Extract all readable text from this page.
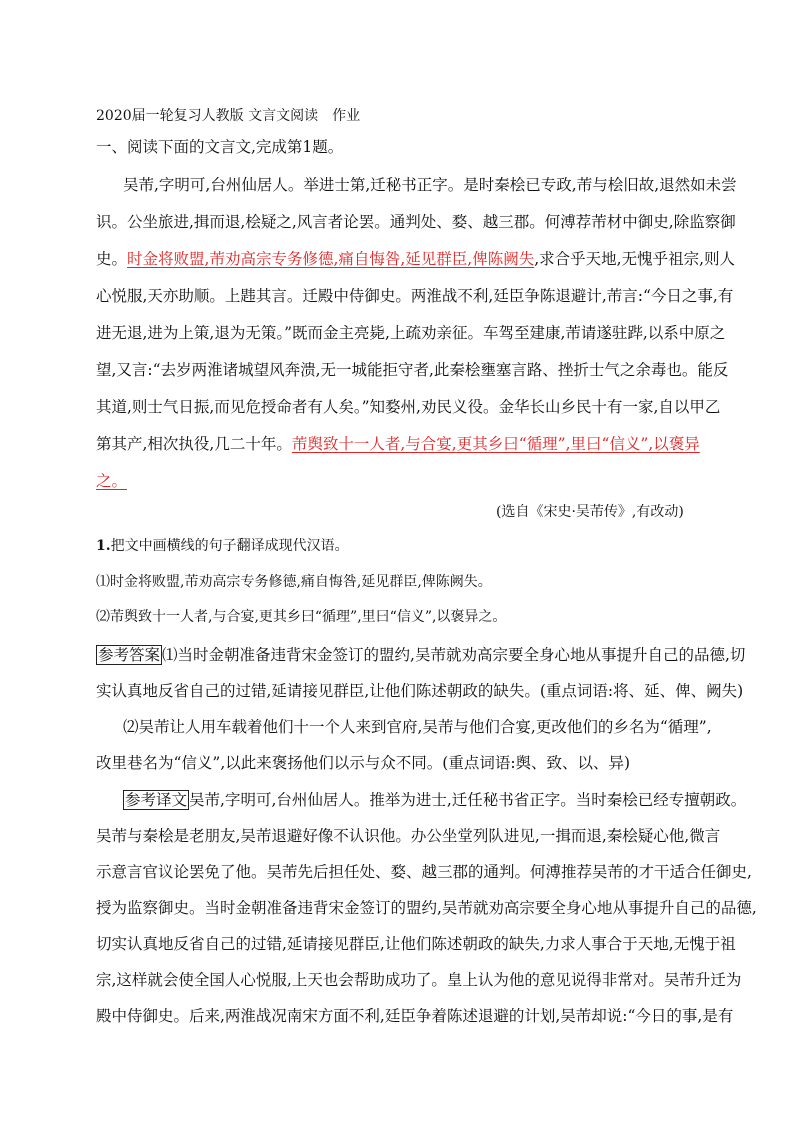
2020届一轮复习人教版 文言文阅读　作业
一、阅读下面的文言文,完成第1题。
吴芾,字明可,台州仙居人。举进士第,迁秘书正字。是时秦桧已专政,芾与桧旧故,退然如未尝
识。公坐旅进,揖而退,桧疑之,风言者论罢。通判处、婺、越三郡。何溥荐芾材中御史,除监察御
史。时金将败盟,芾劝高宗专务修德,痛自悔咎,延见群臣,俾陈阙失,求合乎天地,无愧乎祖宗,则人
心悦服,天亦助顺。上韪其言。迁殿中侍御史。两淮战不利,廷臣争陈退避计,芾言:“今日之事,有
进无退,进为上策,退为无策。”既而金主亮毙,上疏劝亲征。车驾至建康,芾请遂驻跸,以系中原之
望,又言:“去岁两淮诸城望风奔溃,无一城能拒守者,此秦桧壅塞言路、挫折士气之余毒也。能反
其道,则士气日振,而见危授命者有人矣。”知婺州,劝民义役。金华长山乡民十有一家,自以甲乙
第其产,相次执役,几二十年。芾舆致十一人者,与合宴,更其乡曰“循理”,里曰“信义”,以褒异
之。
(选自《宋史·吴芾传》,有改动)
1.把文中画横线的句子翻译成现代汉语。
⑴时金将败盟,芾劝高宗专务修德,痛自悔咎,延见群臣,俾陈阙失。
⑵芾舆致十一人者,与合宴,更其乡曰“循理”,里曰“信义”,以褒异之。
参考答案 ⑴当时金朝准备违背宋金签订的盟约,吴芾就劝高宗要全身心地从事提升自己的品德,切
实认真地反省自己的过错,延请接见群臣,让他们陈述朝政的缺失。(重点词语:将、延、俾、阙失)
⑵吴芾让人用车载着他们十一个人来到官府,吴芾与他们合宴,更改他们的乡名为“循理”,
改里巷名为“信义”,以此来褒扬他们以示与众不同。(重点词语:舆、致、以、异)
参考译文 吴芾,字明可,台州仙居人。推举为进士,迁任秘书省正字。当时秦桧已经专擅朝政。
吴芾与秦桧是老朋友,吴芾退避好像不认识他。办公坐堂列队进见,一揖而退,秦桧疑心他,微言
示意言官议论罢免了他。吴芾先后担任处、婺、越三郡的通判。何溥推荐吴芾的才干适合任御史,
授为监察御史。当时金朝准备违背宋金签订的盟约,吴芾就劝高宗要全身心地从事提升自己的品德,
切实认真地反省自己的过错,延请接见群臣,让他们陈述朝政的缺失,力求人事合于天地,无愧于祖
宗,这样就会使全国人心悦服,上天也会帮助成功了。皇上认为他的意见说得非常对。吴芾升迁为
殿中侍御史。后来,两淮战况南宋方面不利,廷臣争着陈述退避的计划,吴芾却说:“今日的事,是有
